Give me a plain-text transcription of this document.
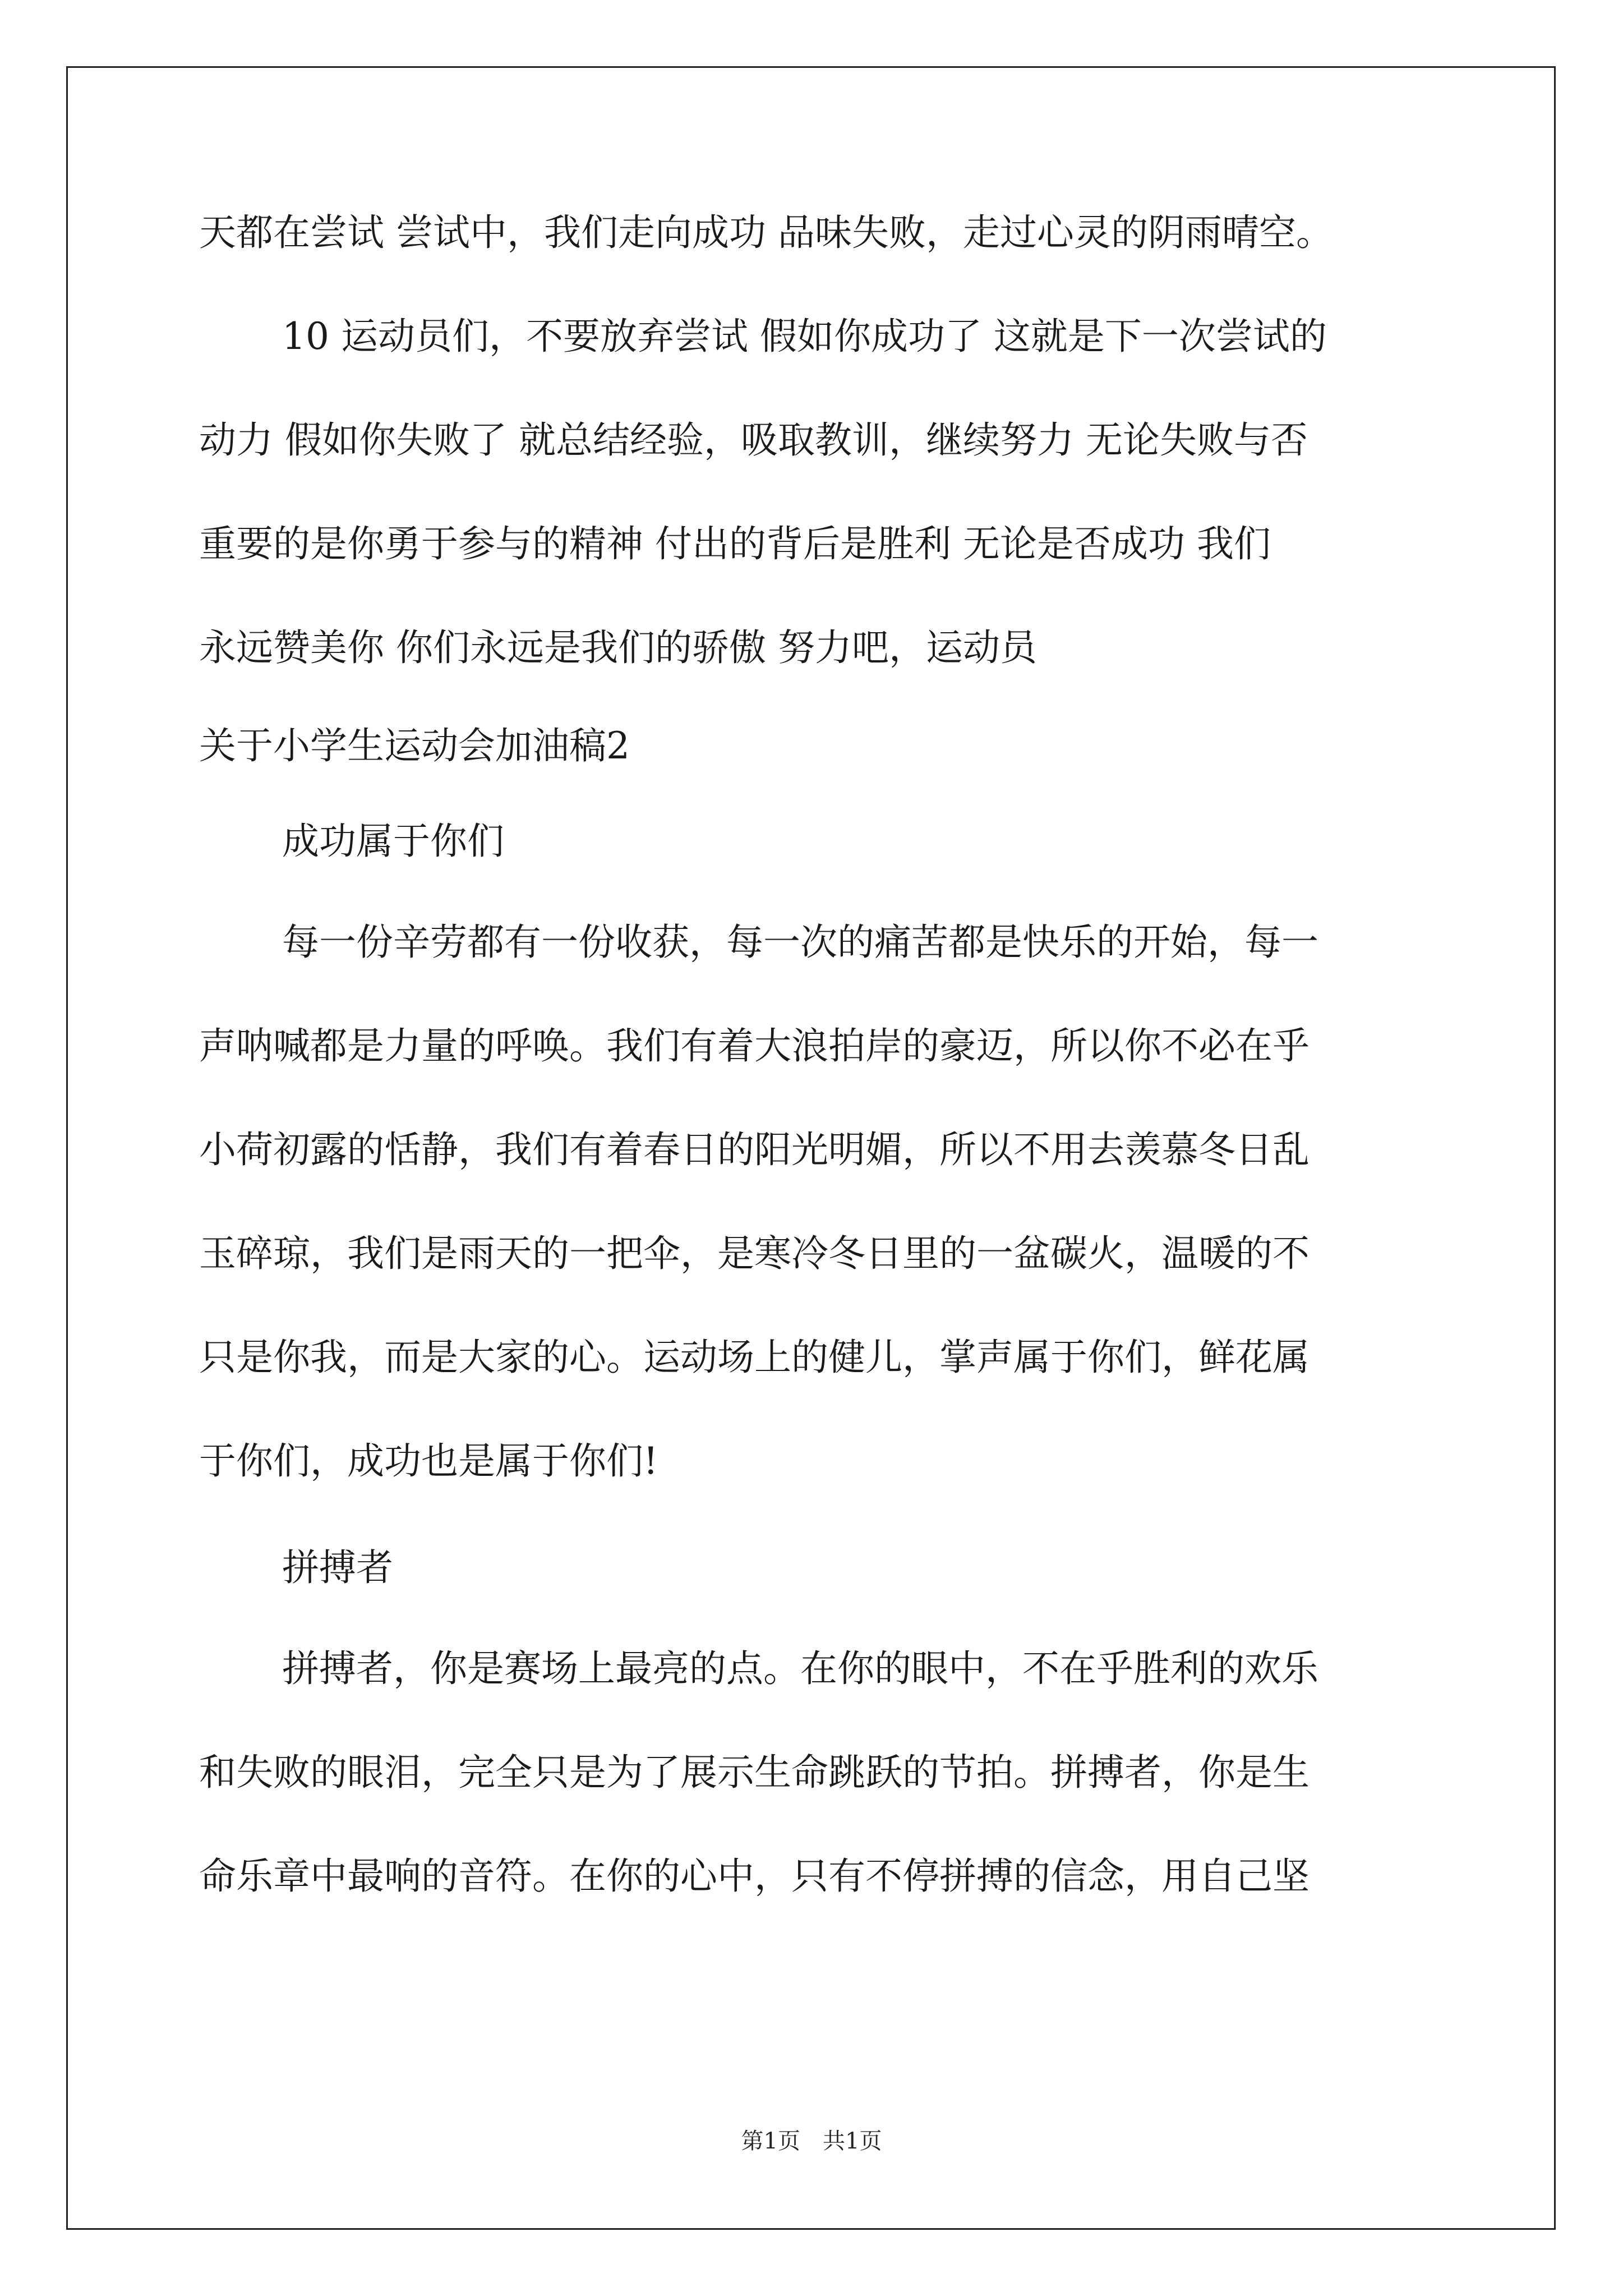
天都在尝试 尝试中，我们走向成功 品味失败，走过心灵的阴雨晴空。
10 运动员们，不要放弃尝试 假如你成功了 这就是下一次尝试的
动力 假如你失败了 就总结经验，吸取教训，继续努力 无论失败与否
重要的是你勇于参与的精神 付出的背后是胜利 无论是否成功 我们
永远赞美你 你们永远是我们的骄傲 努力吧，运动员
关于小学生运动会加油稿2
成功属于你们
每一份辛劳都有一份收获，每一次的痛苦都是快乐的开始，每一
声呐喊都是力量的呼唤。我们有着大浪拍岸的豪迈，所以你不必在乎
小荷初露的恬静，我们有着春日的阳光明媚，所以不用去羡慕冬日乱
玉碎琼，我们是雨天的一把伞，是寒冷冬日里的一盆碳火，温暖的不
只是你我，而是大家的心。运动场上的健儿，掌声属于你们，鲜花属
于你们，成功也是属于你们!
拼搏者
拼搏者，你是赛场上最亮的点。在你的眼中，不在乎胜利的欢乐
和失败的眼泪，完全只是为了展示生命跳跃的节拍。拼搏者，你是生
命乐章中最响的音符。在你的心中，只有不停拼搏的信念，用自己坚
第1页　共1页
